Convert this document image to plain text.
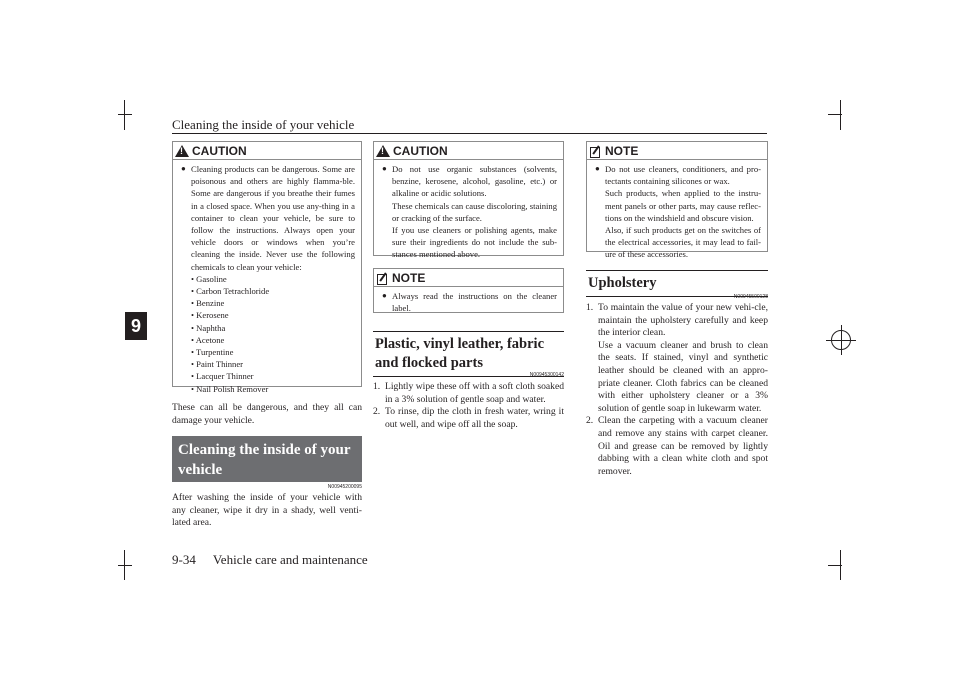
Cleaning the inside of your vehicle
9
!
CAUTION
● Cleaning products can be dangerous. Some are poisonous and others are highly flamma-ble. Some are dangerous if you breathe their fumes in a closed space. When you use any-thing in a container to clean your vehicle, be sure to follow the instructions. Always open your vehicle doors or windows when you’re cleaning the inside. Never use the following chemicals to clean your vehicle:
• Gasoline
• Carbon Tetrachloride
• Benzine
• Kerosene
• Naphtha
• Acetone
• Turpentine
• Paint Thinner
• Lacquer Thinner
• Nail Polish Remover
These can all be dangerous, and they all can damage your vehicle.
Cleaning the inside of your vehicle
N00945200095
After washing the inside of your vehicle with any cleaner, wipe it dry in a shady, well venti-lated area.
!
CAUTION
● Do not use organic substances (solvents, benzine, kerosene, alcohol, gasoline, etc.) or alkaline or acidic solutions.
These chemicals can cause discoloring, staining or cracking of the surface.
If you use cleaners or polishing agents, make sure their ingredients do not include the sub-stances mentioned above.
NOTE
● Always read the instructions on the cleaner label.
Plastic, vinyl leather, fabric and flocked parts
N00945300142
1. Lightly wipe these off with a soft cloth soaked in a 3% solution of gentle soap and water.
2. To rinse, dip the cloth in fresh water, wring it out well, and wipe off all the soap.
NOTE
● Do not use cleaners, conditioners, and pro-tectants containing silicones or wax.
Such products, when applied to the instru-ment panels or other parts, may cause reflec-tions on the windshield and obscure vision.
Also, if such products get on the switches of the electrical accessories, it may lead to fail-ure of these accessories.
Upholstery
N00945500128
1. To maintain the value of your new vehi-cle, maintain the upholstery carefully and keep the interior clean.
Use a vacuum cleaner and brush to clean the seats. If stained, vinyl and synthetic leather should be cleaned with an appro-priate cleaner. Cloth fabrics can be cleaned with either upholstery cleaner or a 3% solution of gentle soap in lukewarm water.
2. Clean the carpeting with a vacuum cleaner and remove any stains with carpet cleaner. Oil and grease can be removed by lightly dabbing with a clean white cloth and spot remover.
9-34 Vehicle care and maintenance
